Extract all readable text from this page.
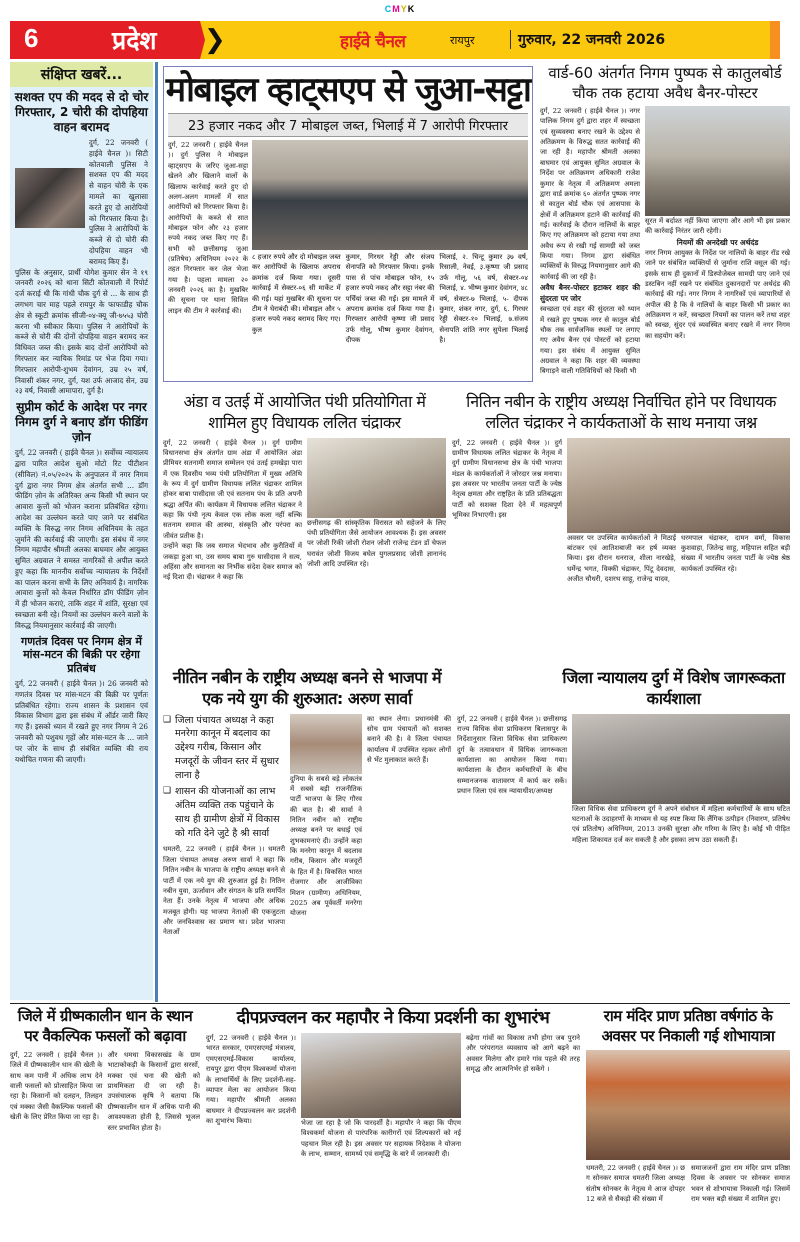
CMYK
6	प्रदेश ❯	हाईवे चैनल	रायपुर	गुरुवार, 22 जनवरी 2026
संक्षिप्त खबरें...
सशक्त एप की मदद से दो चोर गिरफ्तार, 2 चोरी की दोपहिया वाहन बरामद

दुर्ग, 22 जनवरी ( हाईवे चैनल )। सिटी कोतवाली पुलिस ने सशक्त एप की मदद से वाहन चोरी के एक मामले का खुलासा करते हुए दो आरोपियों को गिरफ्तार किया है। पुलिस ने आरोपियों के कब्जे से दो चोरी की दोपहिया वाहन भी बरामद किए हैं।

पुलिस के अनुसार, प्रार्थी योगेश कुमार सेन ने १९ जनवरी २०२६ को थाना सिटी कोतवाली में रिपोर्ट दर्ज कराई थी कि गांधी चौक दुर्ग से ... के साथ ही लगभग चार माह पहले रायपुर के फाफाडीह चौक क्षेत्र से स्कूटी क्रमांक सीजी-०४-क्यू जी-७५५३ चोरी करना भी स्वीकार किया। पुलिस ने आरोपियों के कब्जे से चोरी की दोनों दोपहिया वाहन बरामद कर विधिवत जब्त की। इसके बाद दोनों आरोपियों को गिरफ्तार कर न्यायिक रिमांड पर भेज दिया गया। गिरफ्तार आरोपी-शुभम देवांगन, उम्र २५ वर्ष, निवासी शंकर नगर, दुर्ग, यश उर्फ आजाद सेन, उम्र २३ वर्ष, निवासी आमापारा, दुर्ग है।

सुप्रीम कोर्ट के आदेश पर नगर निगम दुर्ग ने बनाए डॉग फीडिंग ज़ोन

दुर्ग, 22 जनवरी ( हाईवे चैनल )। सर्वोच्च न्यायालय द्वारा पारित आदेश सुओ मोटो रिट पीटीशन (सीविल) नं.०५/२०२५ के अनुपालन में नगर निगम दुर्ग द्वारा नगर निगम क्षेत्र अंतर्गत सभी ... डॉग फीडिंग ज़ोन के अतिरिक्त अन्य किसी भी स्थान पर आवारा कुत्तों को भोजन कराना प्रतिबंधित रहेगा। आदेश का उल्लंघन करते पाए जाने पर संबंधित व्यक्ति के विरुद्ध नगर निगम अधिनियम के तहत जुर्माने की कार्रवाई की जाएगी। इस संबंध में नगर निगम महापौर श्रीमती अलका बाघमार और आयुक्त सुमित अग्रवाल ने समस्त नागरिकों से अपील करते हुए कहा कि माननीय सर्वोच्च न्यायालय के निर्देशों का पालन करना सभी के लिए अनिवार्य है। नागरिक आवारा कुत्तों को केवल निर्धारित डॉग फीडिंग ज़ोन में ही भोजन कराएं, ताकि शहर में शांति, सुरक्षा एवं स्वच्छता बनी रहे। नियमों का उल्लंघन करने वालों के विरुद्ध नियमानुसार कार्रवाई की जाएगी।

गणतंत्र दिवस पर निगम क्षेत्र में मांस-मटन की बिक्री पर रहेगा प्रतिबंध

दुर्ग, 22 जनवरी ( हाईवे चैनल )। 26 जनवरी को गणतंत्र दिवस पर मांस-मटन की बिक्री पर पूर्णतः प्रतिबंधित रहेगा। राज्य शासन के प्रशासन एवं विकास विभाग द्वारा इस संबंध में ऑर्डर जारी किए गए हैं। इसको ध्यान में रखते हुए नगर निगम ने 26 जनवरी को पशुवध गृहों और मांस-मटन के ... जाने पर जोर के साथ ही संबंधित व्यक्ति की राय यथोचित गणना की जाएगी।

मोबाइल व्हाट्सएप से जुआ-सट्टा
23 हजार नकद और 7 मोबाइल जब्त, भिलाई में 7 आरोपी गिरफ्तार

दुर्ग, 22 जनवरी ( हाईवे चैनल )। दुर्ग पुलिस ने मोबाइल व्हाट्सएप के जरिए जुआ-सट्टा खेलने और खिलाने वालों के खिलाफ कार्रवाई करते हुए दो अलग-अलग मामलों में सात आरोपियों को गिरफ्तार किया है। आरोपियों के कब्जे से सात मोबाइल फोन और २३ हजार रुपये नकद जब्त किए गए हैं। सभी को छत्तीसगढ़ जुआ (प्रतिषेध) अधिनियम २०२२ के तहत गिरफ्तार कर जेल भेजा गया है। पहला मामला २० जनवरी २०२६ का है। मुखबिर की सूचना पर थाना सिविल लाइन की टीम ने कार्रवाई की।

८ हजार रुपये और दो मोबाइल जब्त कर आरोपियों के खिलाफ अपराध क्रमांक दर्ज किया गया। दूसरी कार्रवाई में सेक्टर-०६ सी मार्केट में की गई। यहां मुखबिर की सूचना पर टीम ने घेराबंदी की। मोबाइल और ५ हजार रुपये नकद बरामद किए गए। कुल

कुमार, गिरधर रेड्डी और संजय सेनापति को गिरफ्तार किया। इनके पास से पांच मोबाइल फोन, १५ हजार रुपये नकद और सट्टा नंबर की पर्चियां जब्त की गईं। इस मामले में अपराध क्रमांक दर्ज किया गया है। गिरफ्तार आरोपी कृष्णा जी प्रसाद उर्फ गोलू, भीष्म कुमार देवांगन, दीपक

भिलाई, २. चिन्टू कुमार ३७ वर्ष, रिसाली, नेवई, ३.कृष्णा जी प्रसाद उर्फ गोलू, ५६ वर्ष, सेक्टर-०४ भिलाई, ४. भीष्म कुमार देवांगन, ४८ वर्ष, सेक्टर-७ भिलाई, ५- दीपक कुमार, शंकर नगर, दुर्ग, ६. गिरधर रेड्डी सेक्टर-१० भिलाई, ७.संजय सेनापति शांति नगर सुपेला भिलाई है।

वार्ड-60 अंतर्गत निगम पुष्पक से कातुलबोर्ड चौक तक हटाया अवैध बैनर-पोस्टर

दुर्ग, 22 जनवरी ( हाईवे चैनल )। नगर पालिक निगम दुर्ग द्वारा शहर में स्वच्छता एवं सुव्यवस्था बनाए रखने के उद्देश्य से अतिक्रमण के विरुद्ध सतत कार्रवाई की जा रही है। महापौर श्रीमती अलका बाघमार एवं आयुक्त सुमित अग्रवाल के निर्देश पर अतिक्रमण अधिकारी राजेश कुमार के नेतृत्व में अतिक्रमण अमला द्वारा वार्ड क्रमांक ६० अंतर्गत पुष्पक नगर से कातुल बोर्ड चौक एवं आसपास के क्षेत्रों में अतिक्रमण हटाने की कार्रवाई की गई। कार्रवाई के दौरान नालियों के बाहर किए गए अतिक्रमण को हटाया गया तथा अवैध रूप से रखी गई सामग्री को जब्त किया गया। निगम द्वारा संबंधित व्यक्तियों के विरुद्ध नियमानुसार आगे की कार्रवाई की जा रही है।

अवैध बैनर-पोस्टर हटाकर शहर की सुंदरता पर जोर

स्वच्छता एवं शहर की सुंदरता को ध्यान में रखते हुए पुष्पक नगर से कातुल बोर्ड चौक तक सार्वजनिक स्थलों पर लगाए गए अवैध बैनर एवं पोस्टरों को हटाया गया। इस संबंध में आयुक्त सुमित अग्रवाल ने कहा कि शहर की व्यवस्था बिगाड़ने वाली गतिविधियों को किसी भी

सूरत में बर्दाश्त नहीं किया जाएगा और आगे भी इस प्रकार की कार्रवाई निरंतर जारी रहेगी।

नियमों की अनदेखी पर अर्थदंड

नगर निगम आयुक्त के निर्देश पर नालियों के बाहर रॉड रखे जाने पर संबंधित व्यक्तियों से जुर्माना राशि वसूल की गई। इसके साथ ही दुकानों में डिस्पोजेबल सामग्री पाए जाने एवं डस्टबिन नहीं रखने पर संबंधित दुकानदारों पर अर्थदंड की कार्रवाई की गई। नगर निगम ने नागरिकों एवं व्यापारियों से अपील की है कि वे नालियों के बाहर किसी भी प्रकार का अतिक्रमण न करें, स्वच्छता नियमों का पालन करें तथा शहर को स्वच्छ, सुंदर एवं व्यवस्थित बनाए रखने में नगर निगम का सहयोग करें।

अंडा व उतई में आयोजित पंथी प्रतियोगिता में शामिल हुए विधायक ललित चंद्राकर

दुर्ग, 22 जनवरी ( हाईवे चैनल )। दुर्ग ग्रामीण विधानसभा क्षेत्र अंतर्गत ग्राम अंडा में आयोजित अंडा प्रीमियर सतनामी समाज सम्मेलन एवं उतई हमखेड़ा पारा में एक दिवसीय भव्य पंथी प्रतियोगिता में मुख्य अतिथि के रूप में दुर्ग ग्रामीण विधायक ललित चंद्राकर शामिल होकर बाबा पासीदास जी एवं सतनाम पंथ के प्रति अपनी श्रद्धा अर्पित की। कार्यक्रम में विधायक ललित चंद्राकर ने कहा कि पंथी नृत्य केवल एक लोक कला नहीं बल्कि सतनाम समाज की आस्था, संस्कृति और परंपरा का जीवंत प्रतीक है।

उन्होंने कहा कि जब समाज भेदभाव और कुरीतियों में जकड़ा हुआ था, उस समय बाबा गुरु घासीदास ने सत्य, अहिंसा और समानता का निर्भीक संदेश देकर समाज को नई दिशा दी। चंद्राकर ने कहा कि

छत्तीसगढ़ की सांस्कृतिक विरासत को सहेजने के लिए पंथी प्रतियोगिता जैसे आयोजन आवश्यक हैं। इस अवसर पर जोशी रिकी जोशी रोशन जोशी राजेन्द्र टंडन डॉ चेफल घरावंत जोशी विजय बघेल युगलप्रसाद जोशी ज्ञानानंद जोशी आदि उपस्थित रहे।

नितिन नबीन के राष्ट्रीय अध्यक्ष निर्वाचित होने पर विधायक ललित चंद्राकर ने कार्यकताओं के साथ मनाया जश्न

दुर्ग, 22 जनवरी ( हाईवे चैनल )। दुर्ग ग्रामीण विधायक ललित चंद्राकर के नेतृत्व में दुर्ग ग्रामीण विधानसभा क्षेत्र के पंथी भाजपा मंडल के कार्यकर्ताओं ने जोरदार जश्न मनाया। इस अवसर पर भारतीय जनता पार्टी के ज्येष्ठ नेतृत्व क्षमता और राष्ट्रहित के प्रति प्रतिबद्धता पार्टी को सशक्त दिशा देने में महत्वपूर्ण भूमिका निभाएगी। इस

अवसर पर उपस्थित कार्यकर्ताओं ने मिठाई बांटकर एवं आतिशबाजी कर हर्ष व्यक्त किया। इस दौरान धनराज, शीला नारखेड़े, धर्मेन्द्र भगत, विक्की चंद्राकर, पिंटू देवदास, अजीत चौधरी, दशरथ साहू, राजेन्द्र यादव,

धरमपाल चंद्राकर, दामन वर्मा, विकास कुशवाहा, जितेन्द्र साहू, महिपाल सहित बड़ी संख्या में भारतीय जनता पार्टी के ज्येष्ठ श्रेष्ठ कार्यकर्ता उपस्थित रहे।

नीतिन नबीन के राष्ट्रीय अध्यक्ष बनने से भाजपा में एक नये युग की शुरुआत: अरुण सार्वा
❑ जिला पंचायत अध्यक्ष ने कहा मनरेगा कानून में बदलाव का उद्देश्य गरीब, किसान और मजदूरों के जीवन स्तर में सुधार लाना है
❑ शासन की योजनाओं का लाभ अंतिम व्यक्ति तक पहुंचाने के साथ ही ग्रामीण क्षेत्रों में विकास को गति देने जुटे है श्री सार्वा

धमतरी, 22 जनवरी ( हाईवे चैनल )। धमतरी जिला पंचायत अध्यक्ष अरुण सार्वा ने कहा कि नितिन नबीन के भाजपा के राष्ट्रीय अध्यक्ष बनने से पार्टी में एक नये युग की शुरुआत हुई है। नितिन नबीन युवा, ऊर्जावान और संगठन के प्रति समर्पित नेता हैं। उनके नेतृत्व में भाजपा और अधिक मजबूत होगी। यह भाजपा नेताओं की एकजुटता और जनविश्वास का प्रमाण था। प्रदेश भाजपा नेताओं

दुनिया के सबसे बड़े लोकतंत्र में सबसे बड़ी राजनीतिक पार्टी भाजपा के लिए गौरव की बात है। श्री सार्वा ने नितिन नबीन को राष्ट्रीय अध्यक्ष बनने पर बधाई एवं शुभकामनाएं दी। उन्होंने कहा कि मनरेगा कानून में बदलाव गरीब, किसान और मजदूरों के हित में है। विकसित भारत रोजगार और आजीविका मिशन (ग्रामीण) अधिनियम, 2025 अब पूर्ववर्ती मनरेगा योजना

का स्थान लेगा। प्रधानमंत्री की सोच ग्राम पंचायतों को सशक्त बनाने की है। वे जिला पंचायत कार्यालय में उपस्थित रहकर लोगों से भेंट मुलाकात करते हैं।

जिला न्यायालय दुर्ग में विशेष जागरूकता कार्यशाला

दुर्ग, 22 जनवरी ( हाईवे चैनल )। छत्तीसगढ़ राज्य विधिक सेवा प्राधिकरण बिलासपुर के निर्देशानुसार जिला विधिक सेवा प्राधिकरण दुर्ग के तत्वावधान में विधिक जागरूकता कार्यशाला का आयोजन किया गया। कार्यशाला के दौरान कर्मचारियों के बीच सम्मानजनक वातावरण में कार्य कर सकें। प्रधान जिला एवं सत्र न्यायाधीश/अध्यक्ष

जिला विधिक सेवा प्राधिकरण दुर्ग ने अपने संबोधन में महिला कर्मचारियों के साथ घटित घटनाओं के उदाहरणों के माध्यम से यह स्पष्ट किया कि लैंगिक उत्पीड़न (निवारण, प्रतिषेध एवं प्रतितोष) अधिनियम, 2013 उनकी सुरक्षा और गरिमा के लिए है। कोई भी पीड़ित महिला शिकायत दर्ज कर सकती है और इसका लाभ उठा सकती हैं।

जिले में ग्रीष्मकालीन धान के स्थान पर वैकल्पिक फसलों को बढ़ावा

दुर्ग, 22 जनवरी ( हाईवे चैनल )। जिले में ग्रीष्मकालीन धान की खेती के साथ कम पानी में अधिक लाभ देने वाली फसलों को प्रोत्साहित किया जा रहा है। किसानों को दलहन, तिलहन एवं मक्का जैसी वैकल्पिक फसलों की खेती के लिए प्रेरित किया जा रहा है।

और धमधा विकासखंड के ग्राम भाटाकोकड़ी के किसानों द्वारा सरसों, मक्का एवं चना की खेती को प्राथमिकता दी जा रही है। उपसंचालक कृषि ने बताया कि ग्रीष्मकालीन धान में अधिक पानी की आवश्यकता होती है, जिससे भूजल स्तर प्रभावित होता है।

दीपप्रज्वलन कर महापौर ने किया प्रदर्शनी का शुभारंभ

दुर्ग, 22 जनवरी ( हाईवे चैनल )। भारत सरकार, एमएसएमई मंत्रालय, एमएसएमई-विकास कार्यालय, रायपुर द्वारा पीएम विश्वकर्मा योजना के लाभार्थियों के लिए प्रदर्शनी-सह-व्यापार मेला का आयोजन किया गया। महापौर श्रीमती अलका बाघमार ने दीपप्रज्वलन कर प्रदर्शनी का शुभारंभ किया।	भेजा जा रहा है जो कि पारदर्शी है। महापौर ने कहा कि पीएम विश्वकर्मा योजना से पारंपरिक कारीगरों एवं शिल्पकारों को नई पहचान मिल रही है। इस अवसर पर सहायक निदेशक ने योजना के लाभ, सम्मान, सामर्थ्य एवं समृद्धि के बारे में जानकारी दी।

बढ़ेगा गांवों का विकास तभी होगा जब पुराने और परंपरागत व्यवसाय को आगे बढ़ने का अवसर मिलेगा और हमारे गांव पहले की तरह समृद्ध और आत्मनिर्भर हो सकेंगे ।

राम मंदिर प्राण प्रतिष्ठा वर्षगांठ के अवसर पर निकाली गई शोभायात्रा

धमतरी, 22 जनवरी ( हाईवे चैनल )। छ ग सोनकर समाज धमतरी जिला अध्यक्ष संतोष सोनकर के नेतृत्व मे आज दोपहर 12 बजे से सैकड़ो की संख्या में

समाजजनों द्वारा राम मंदिर प्राण प्रतिष्ठा दिवस के अवसर पर सोनकर समाज भवन से शोभायात्रा निकाली गई। जिसमें राम भक्त बड़ी संख्या में शामिल हुए।
